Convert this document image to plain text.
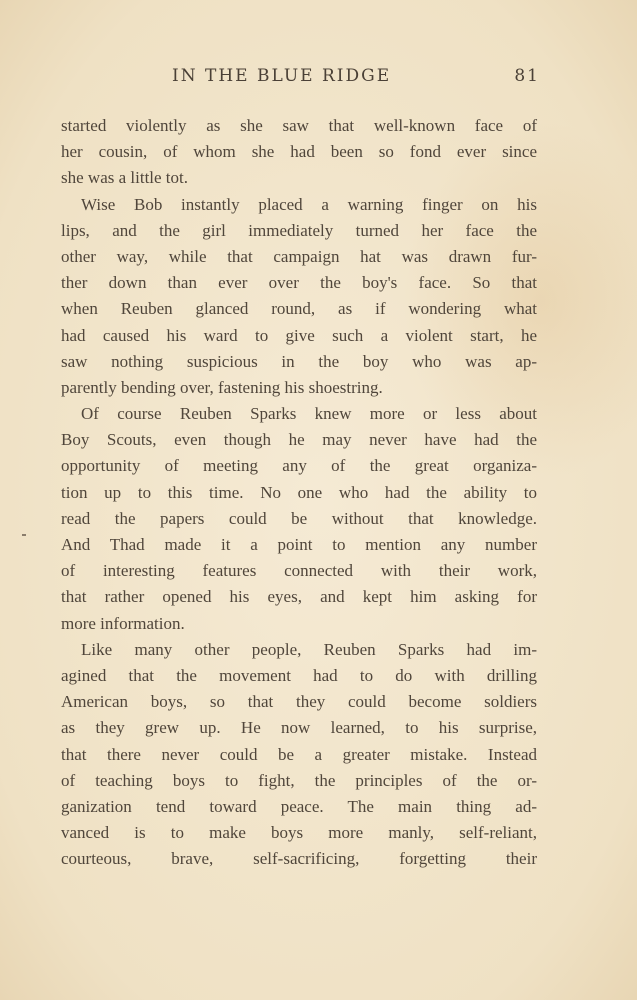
IN THE BLUE RIDGE	81
started violently as she saw that well-known face of
her cousin, of whom she had been so fond ever since
she was a little tot.
Wise Bob instantly placed a warning finger on his
lips, and the girl immediately turned her face the
other way, while that campaign hat was drawn fur-
ther down than ever over the boy's face. So that
when Reuben glanced round, as if wondering what
had caused his ward to give such a violent start, he
saw nothing suspicious in the boy who was ap-
parently bending over, fastening his shoestring.
Of course Reuben Sparks knew more or less about
Boy Scouts, even though he may never have had the
opportunity of meeting any of the great organiza-
tion up to this time. No one who had the ability to
read the papers could be without that knowledge.
And Thad made it a point to mention any number
of interesting features connected with their work,
that rather opened his eyes, and kept him asking for
more information.
Like many other people, Reuben Sparks had im-
agined that the movement had to do with drilling
American boys, so that they could become soldiers
as they grew up. He now learned, to his surprise,
that there never could be a greater mistake. Instead
of teaching boys to fight, the principles of the or-
ganization tend toward peace. The main thing ad-
vanced is to make boys more manly, self-reliant,
courteous, brave, self-sacrificing, forgetting their
